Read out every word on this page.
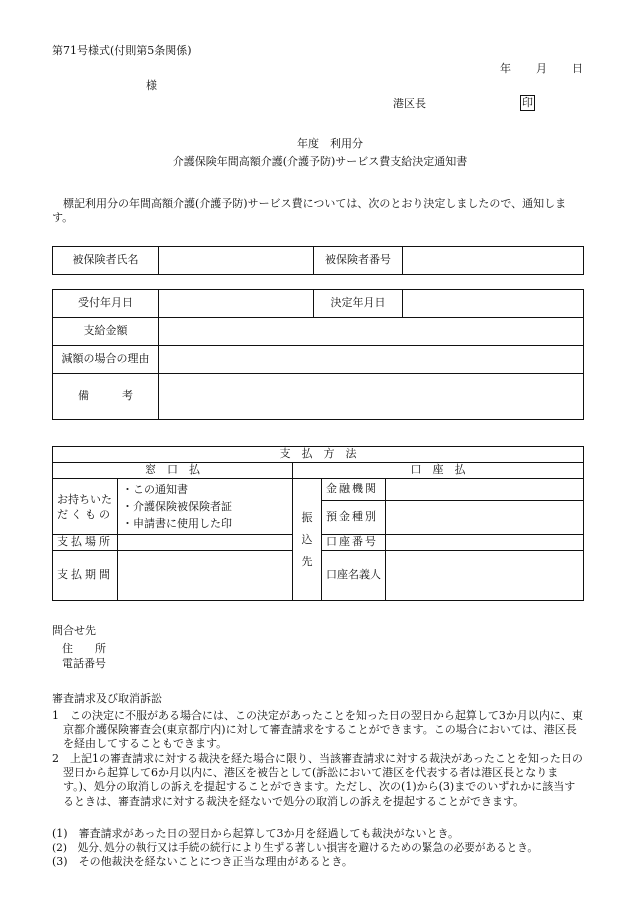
第71号様式(付則第5条関係)
年 月 日
様
港区長	印
年度　利用分
介護保険年間高額介護(介護予防)サービス費支給決定通知書
標記利用分の年間高額介護(介護予防)サービス費については、次のとおり決定しましたので、通知します。
被保険者氏名		被保険者番号	
受付年月日		決定年月日	
支給金額			
減額の場合の理由			
備　　　考			
支　払　方　法				
窓　口　払		口　座　払		

お持ちいた
だくもの	・この通知書
・介護保険被保険者証
・申請書に使用した印	振
込
先	金融機関	
			預金種別	

支払場所			口座番号	
支払期間			口座名義人	
問合せ先
住　　所
電話番号
審査請求及び取消訴訟
1　この決定に不服がある場合には、この決定があったことを知った日の翌日から起算して3か月以内に、東京都介護保険審査会(東京都庁内)に対して審査請求をすることができます。この場合においては、港区長を経由してすることもできます。
2　上記1の審査請求に対する裁決を経た場合に限り、当該審査請求に対する裁決があったことを知った日の翌日から起算して6か月以内に、港区を被告として(訴訟において港区を代表する者は港区長となります。)、処分の取消しの訴えを提起することができます。ただし、次の(1)から(3)までのいずれかに該当するときは、審査請求に対する裁決を経ないで処分の取消しの訴えを提起することができます。
(1)　審査請求があった日の翌日から起算して3か月を経過しても裁決がないとき。
(2)　処分､処分の執行又は手続の続行により生ずる著しい損害を避けるための緊急の必要があるとき。
(3)　その他裁決を経ないことにつき正当な理由があるとき。
